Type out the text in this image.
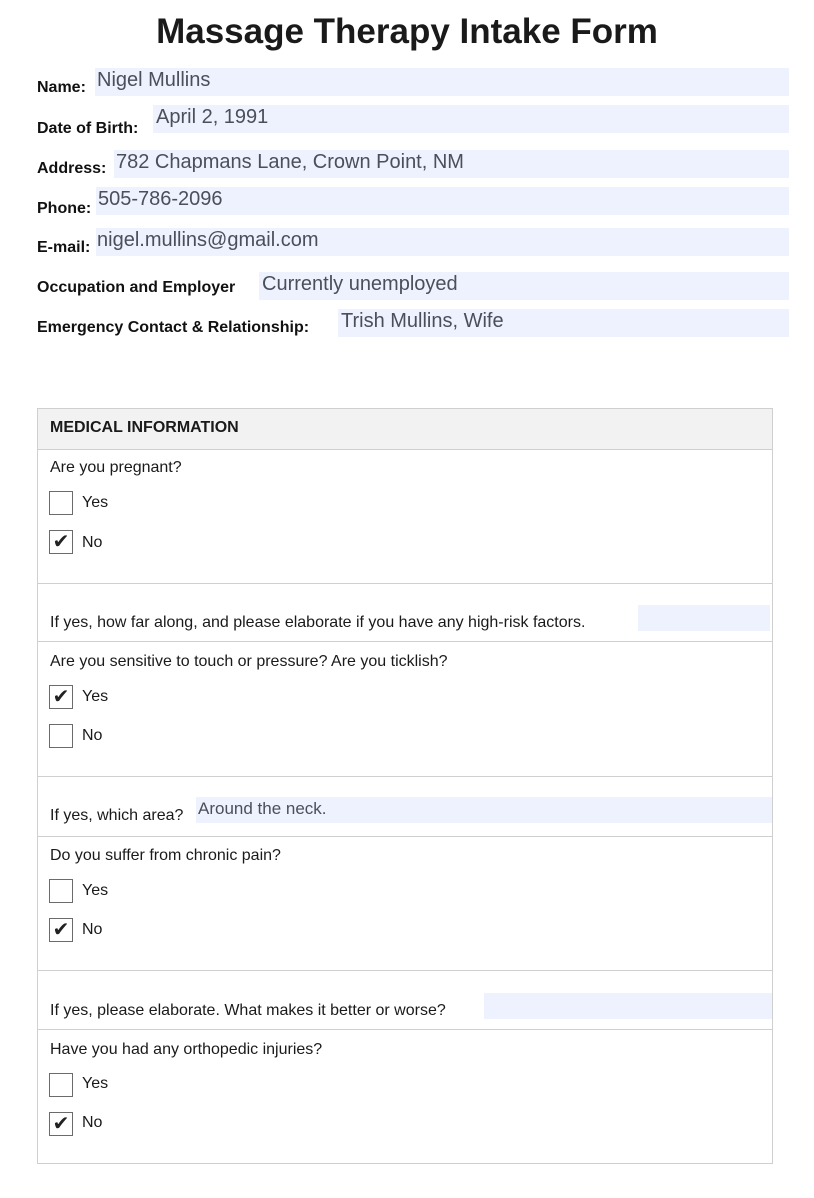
Massage Therapy Intake Form
Name: Nigel Mullins
Date of Birth:
April 2, 1991
Address: 782 Chapmans Lane, Crown Point, NM
Phone: 505-786-2096
E-mail: nigel.mullins@gmail.com
Occupation and Employer Currently unemployed
Emergency Contact & Relationship: Trish Mullins, Wife
MEDICAL INFORMATION
Are you pregnant?
Yes
✔ No
If yes, how far along, and please elaborate if you have any high-risk factors.
Are you sensitive to touch or pressure? Are you ticklish?
✔ Yes
No
If yes, which area? Around the neck.
Do you suffer from chronic pain?
Yes
✔ No
If yes, please elaborate. What makes it better or worse?
Have you had any orthopedic injuries?
Yes
✔ No
